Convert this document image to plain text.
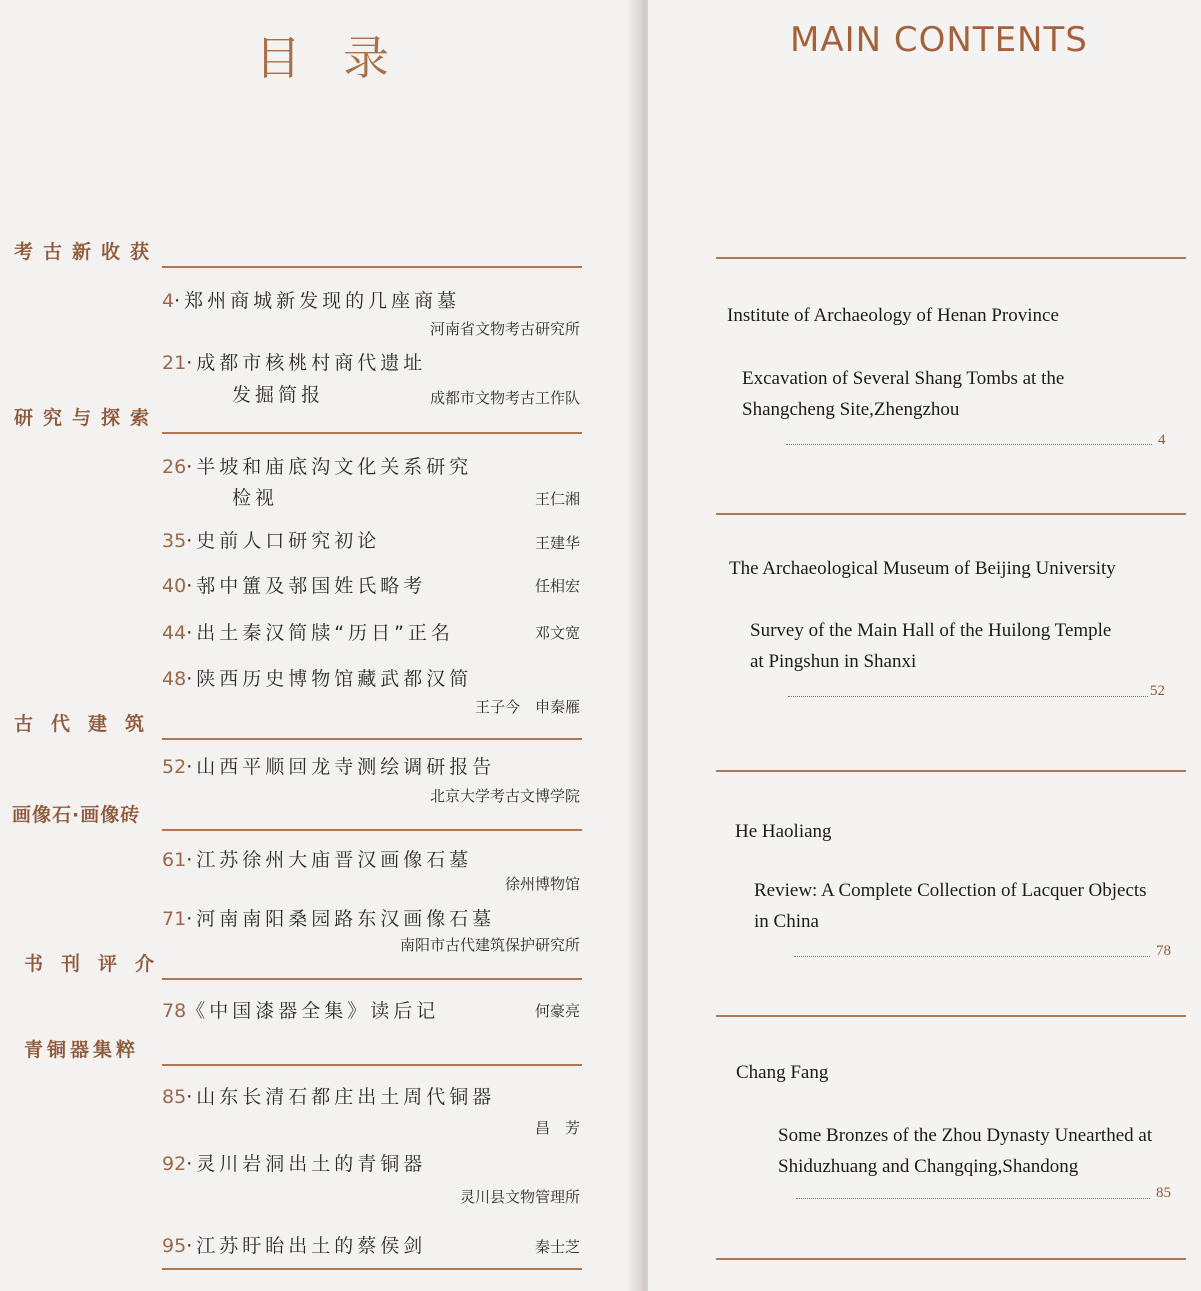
目录
考古新收获
4·郑州商城新发现的几座商墓
河南省文物考古研究所
21·成都市核桃村商代遗址
发掘简报	成都市文物考古工作队
研究与探索
26·半坡和庙底沟文化关系研究
检视	王仁湘
35·史前人口研究初论	王建华
40·邿中簠及邿国姓氏略考	任相宏
44·出土秦汉简牍“历日”正名	邓文宽
48·陕西历史博物馆藏武都汉简
王子今　申秦雁
古代建筑
52·山西平顺回龙寺测绘调研报告
北京大学考古文博学院
画像石·画像砖
61·江苏徐州大庙晋汉画像石墓
徐州博物馆
71·河南南阳桑园路东汉画像石墓
南阳市古代建筑保护研究所
书刊评介
78《中国漆器全集》读后记	何豪亮
青铜器集粹
85·山东长清石都庄出土周代铜器
昌　芳
92·灵川岩洞出土的青铜器
灵川县文物管理所
95·江苏盱眙出土的蔡侯剑	秦士芝
MAIN CONTENTS
Institute of Archaeology of Henan Province
Excavation of Several Shang Tombs at the
Shangcheng Site,Zhengzhou
4
The Archaeological Museum of Beijing University
Survey of the Main Hall of the Huilong Temple
at Pingshun in Shanxi
52
He Haoliang
Review: A Complete Collection of Lacquer Objects
in China
78
Chang Fang
Some Bronzes of the Zhou Dynasty Unearthed at
Shiduzhuang and Changqing,Shandong
85
